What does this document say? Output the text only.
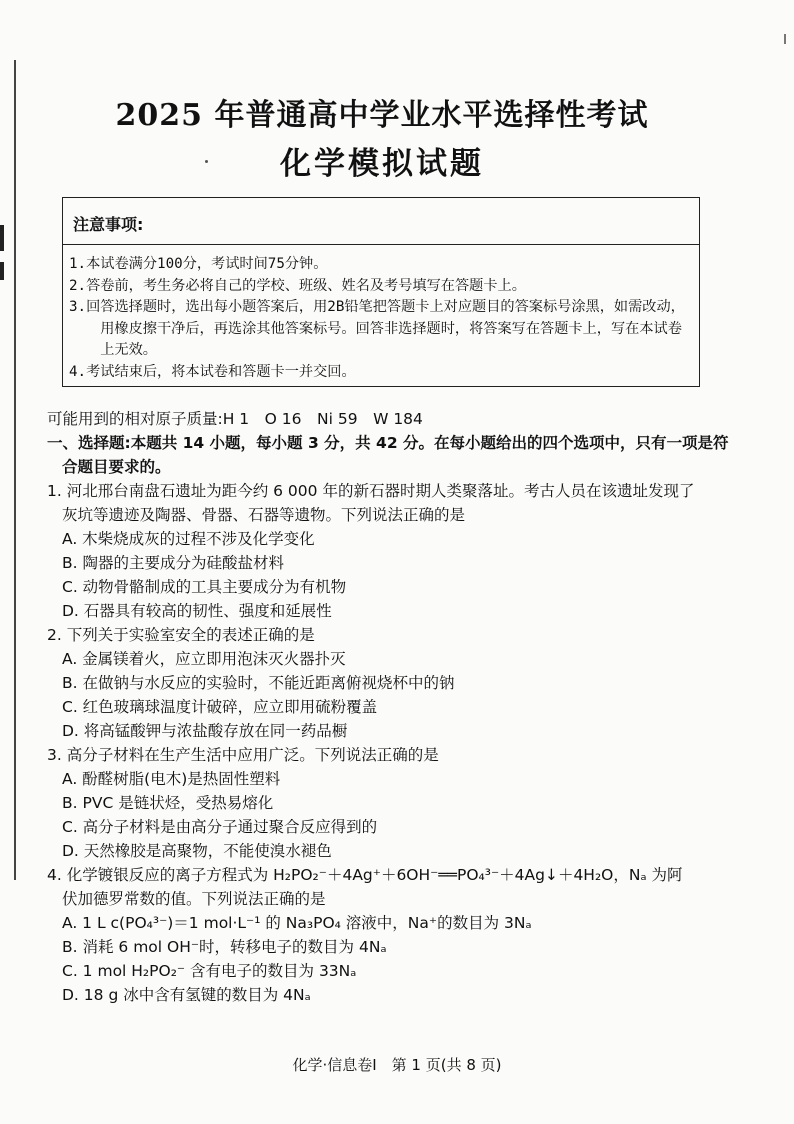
2025 年普通高中学业水平选择性考试
化学模拟试题
注意事项:
1.本试卷满分100分，考试时间75分钟。
2.答卷前，考生务必将自己的学校、班级、姓名及考号填写在答题卡上。
3.回答选择题时，选出每小题答案后，用2B铅笔把答题卡上对应题目的答案标号涂黑，如需改动，用橡皮擦干净后，再选涂其他答案标号。回答非选择题时，将答案写在答题卡上，写在本试卷上无效。
4.考试结束后，将本试卷和答题卡一并交回。
可能用到的相对原子质量:H 1　O 16　Ni 59　W 184
一、选择题:本题共 14 小题，每小题 3 分，共 42 分。在每小题给出的四个选项中，只有一项是符
合题目要求的。
1. 河北邢台南盘石遗址为距今约 6 000 年的新石器时期人类聚落址。考古人员在该遗址发现了
灰坑等遗迹及陶器、骨器、石器等遗物。下列说法正确的是
A. 木柴烧成灰的过程不涉及化学变化
B. 陶器的主要成分为硅酸盐材料
C. 动物骨骼制成的工具主要成分为有机物
D. 石器具有较高的韧性、强度和延展性
2. 下列关于实验室安全的表述正确的是
A. 金属镁着火，应立即用泡沫灭火器扑灭
B. 在做钠与水反应的实验时，不能近距离俯视烧杯中的钠
C. 红色玻璃球温度计破碎，应立即用硫粉覆盖
D. 将高锰酸钾与浓盐酸存放在同一药品橱
3. 高分子材料在生产生活中应用广泛。下列说法正确的是
A. 酚醛树脂(电木)是热固性塑料
B. PVC 是链状烃，受热易熔化
C. 高分子材料是由高分子通过聚合反应得到的
D. 天然橡胶是高聚物，不能使溴水褪色
4. 化学镀银反应的离子方程式为 H₂PO₂⁻＋4Ag⁺＋6OH⁻══PO₄³⁻＋4Ag↓＋4H₂O，Nₐ 为阿
伏加德罗常数的值。下列说法正确的是
A. 1 L c(PO₄³⁻)＝1 mol·L⁻¹ 的 Na₃PO₄ 溶液中，Na⁺的数目为 3Nₐ
B. 消耗 6 mol OH⁻时，转移电子的数目为 4Nₐ
C. 1 mol H₂PO₂⁻ 含有电子的数目为 33Nₐ
D. 18 g 冰中含有氢键的数目为 4Nₐ
化学·信息卷Ⅰ　第 1 页(共 8 页)
